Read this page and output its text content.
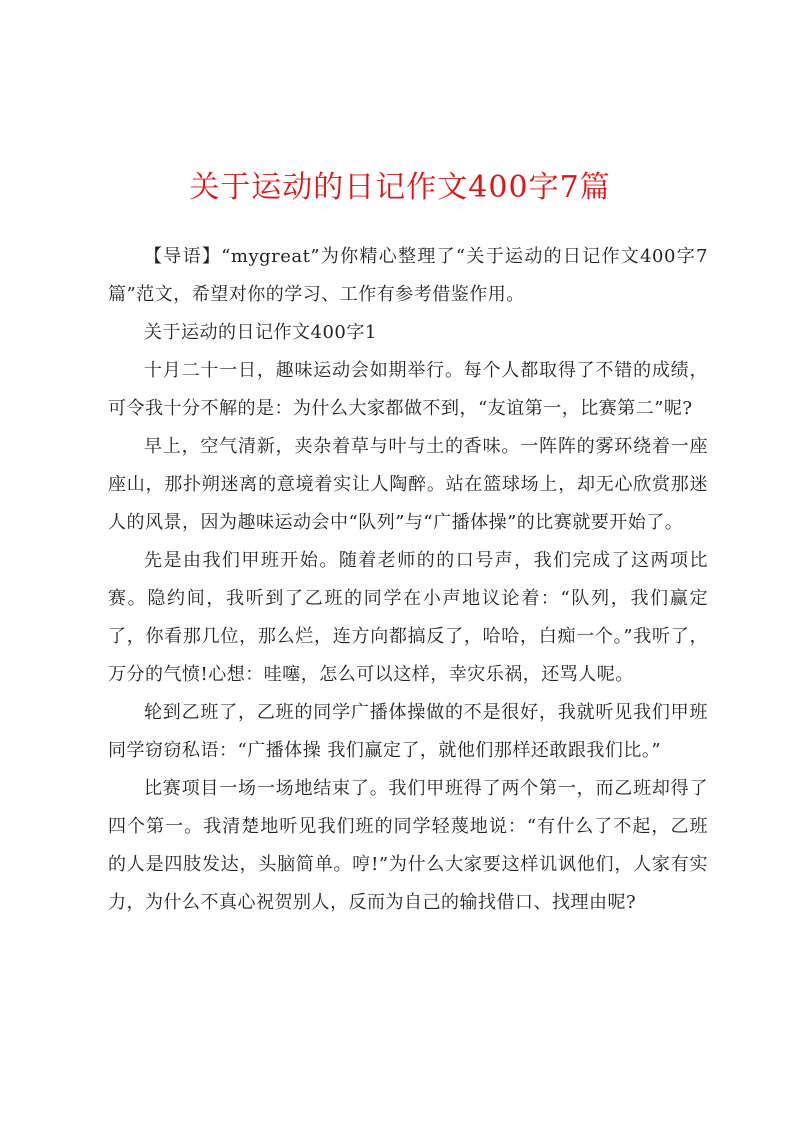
关于运动的日记作文400字7篇

【导语】“mygreat”为你精心整理了“关于运动的日记作文400字7篇”范文，希望对你的学习、工作有参考借鉴作用。

关于运动的日记作文400字1

十月二十一日，趣味运动会如期举行。每个人都取得了不错的成绩，可令我十分不解的是：为什么大家都做不到，“友谊第一，比赛第二”呢?

早上，空气清新，夹杂着草与叶与土的香味。一阵阵的雾环绕着一座座山，那扑朔迷离的意境着实让人陶醉。站在篮球场上，却无心欣赏那迷人的风景，因为趣味运动会中“队列”与“广播体操”的比赛就要开始了。

先是由我们甲班开始。随着老师的的口号声，我们完成了这两项比赛。隐约间，我听到了乙班的同学在小声地议论着：“队列，我们赢定了，你看那几位，那么烂，连方向都搞反了，哈哈，白痴一个。”我听了，万分的气愤!心想：哇噻，怎么可以这样，幸灾乐祸，还骂人呢。

轮到乙班了，乙班的同学广播体操做的不是很好，我就听见我们甲班同学窃窃私语：“广播体操 我们赢定了，就他们那样还敢跟我们比。”

比赛项目一场一场地结束了。我们甲班得了两个第一，而乙班却得了四个第一。我清楚地听见我们班的同学轻蔑地说：“有什么了不起，乙班的人是四肢发达，头脑简单。哼!”为什么大家要这样讥讽他们，人家有实力，为什么不真心祝贺别人，反而为自己的输找借口、找理由呢?
